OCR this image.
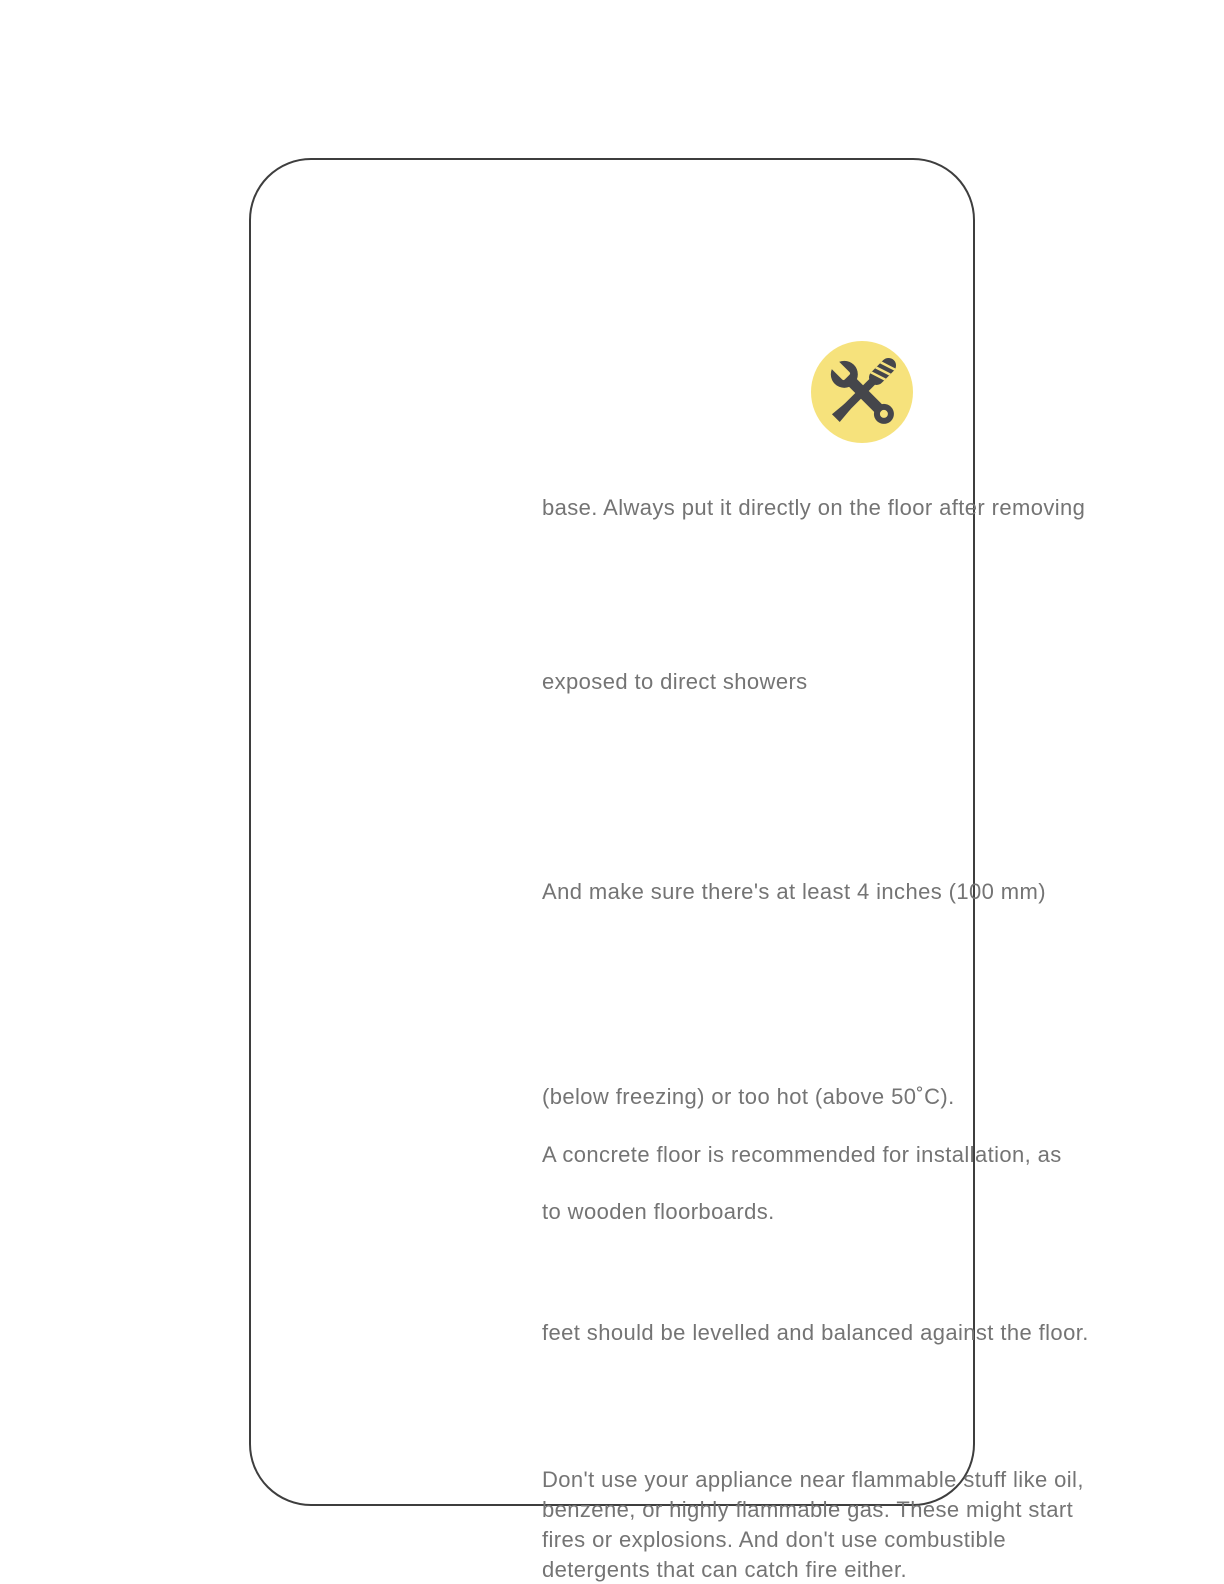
base. Always put it directly on the floor after removing
exposed to direct showers
And make sure there's at least 4 inches (100 mm)
(below freezing) or too hot (above 50˚C).
A concrete floor is recommended for installation, as
to wooden floorboards.
feet should be levelled and balanced against the floor.
Don't use your appliance near flammable stuff like oil,
benzene, or highly flammable gas. These might start
fires or explosions. And don't use combustible
detergents that can catch fire either.
